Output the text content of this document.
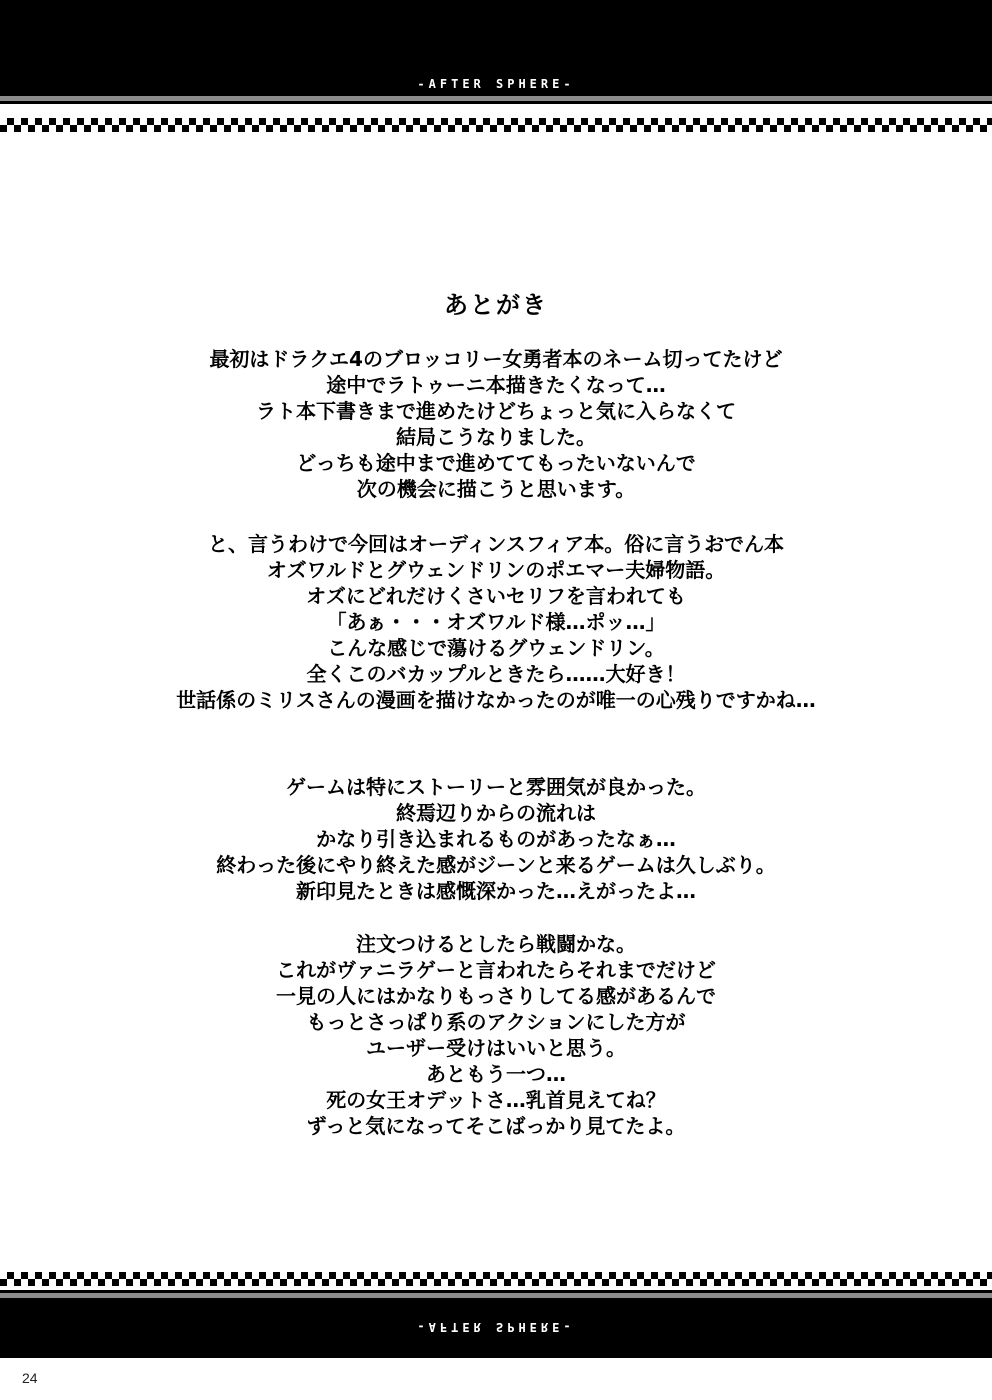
-AFTER SPHERE-
あとがき
最初はドラクエ4のブロッコリー女勇者本のネーム切ってたけど
途中でラトゥーニ本描きたくなって…
ラト本下書きまで進めたけどちょっと気に入らなくて
結局こうなりました。
どっちも途中まで進めててもったいないんで
次の機会に描こうと思います。
と、言うわけで今回はオーディンスフィア本。俗に言うおでん本
オズワルドとグウェンドリンのポエマー夫婦物語。
オズにどれだけくさいセリフを言われても
「あぁ・・・オズワルド様…ポッ…」
こんな感じで蕩けるグウェンドリン。
全くこのバカップルときたら……大好き！
世話係のミリスさんの漫画を描けなかったのが唯一の心残りですかね…
ゲームは特にストーリーと雰囲気が良かった。
終焉辺りからの流れは
かなり引き込まれるものがあったなぁ…
終わった後にやり終えた感がジーンと来るゲームは久しぶり。
新印見たときは感慨深かった…えがったよ…
注文つけるとしたら戦闘かな。
これがヴァニラゲーと言われたらそれまでだけど
一見の人にはかなりもっさりしてる感があるんで
もっとさっぱり系のアクションにした方が
ユーザー受けはいいと思う。
あともう一つ…
死の女王オデットさ…乳首見えてね？
ずっと気になってそこばっかり見てたよ。
-AFTER SPHERE-
24
